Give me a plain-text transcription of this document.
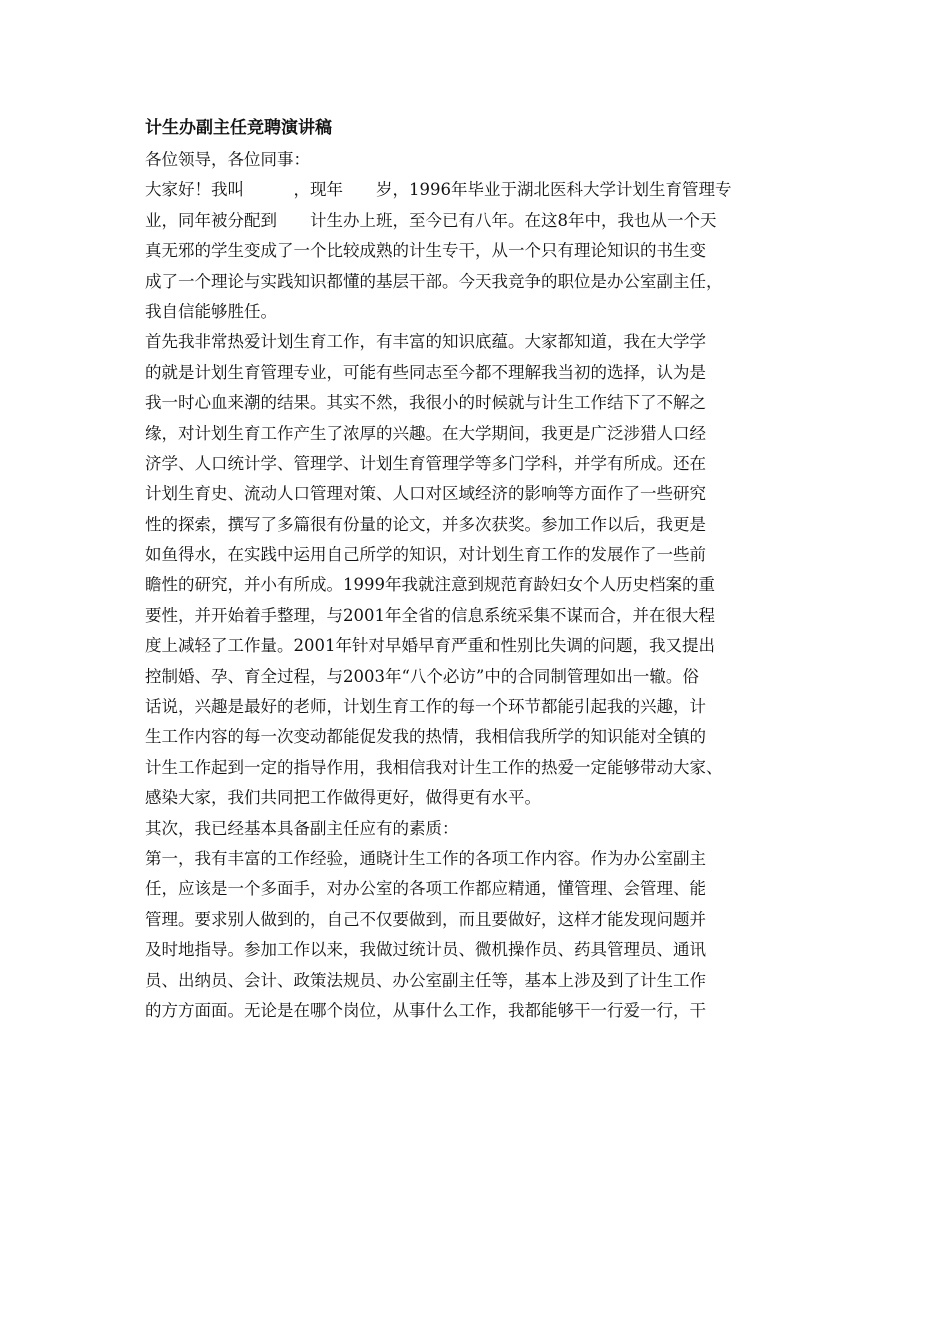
计生办副主任竞聘演讲稿
各位领导，各位同事：
大家好！我叫　　　，现年　　岁，1996年毕业于湖北医科大学计划生育管理专
业，同年被分配到　　计生办上班，至今已有八年。在这8年中，我也从一个天
真无邪的学生变成了一个比较成熟的计生专干，从一个只有理论知识的书生变
成了一个理论与实践知识都懂的基层干部。今天我竞争的职位是办公室副主任，
我自信能够胜任。
首先我非常热爱计划生育工作，有丰富的知识底蕴。大家都知道，我在大学学
的就是计划生育管理专业，可能有些同志至今都不理解我当初的选择，认为是
我一时心血来潮的结果。其实不然，我很小的时候就与计生工作结下了不解之
缘，对计划生育工作产生了浓厚的兴趣。在大学期间，我更是广泛涉猎人口经
济学、人口统计学、管理学、计划生育管理学等多门学科，并学有所成。还在
计划生育史、流动人口管理对策、人口对区域经济的影响等方面作了一些研究
性的探索，撰写了多篇很有份量的论文，并多次获奖。参加工作以后，我更是
如鱼得水，在实践中运用自己所学的知识，对计划生育工作的发展作了一些前
瞻性的研究，并小有所成。1999年我就注意到规范育龄妇女个人历史档案的重
要性，并开始着手整理，与2001年全省的信息系统采集不谋而合，并在很大程
度上减轻了工作量。2001年针对早婚早育严重和性别比失调的问题，我又提出
控制婚、孕、育全过程，与2003年“八个必访”中的合同制管理如出一辙。俗
话说，兴趣是最好的老师，计划生育工作的每一个环节都能引起我的兴趣，计
生工作内容的每一次变动都能促发我的热情，我相信我所学的知识能对全镇的
计生工作起到一定的指导作用，我相信我对计生工作的热爱一定能够带动大家、
感染大家，我们共同把工作做得更好，做得更有水平。
其次，我已经基本具备副主任应有的素质：
第一，我有丰富的工作经验，通晓计生工作的各项工作内容。作为办公室副主
任，应该是一个多面手，对办公室的各项工作都应精通，懂管理、会管理、能
管理。要求别人做到的，自己不仅要做到，而且要做好，这样才能发现问题并
及时地指导。参加工作以来，我做过统计员、微机操作员、药具管理员、通讯
员、出纳员、会计、政策法规员、办公室副主任等，基本上涉及到了计生工作
的方方面面。无论是在哪个岗位，从事什么工作，我都能够干一行爱一行，干
